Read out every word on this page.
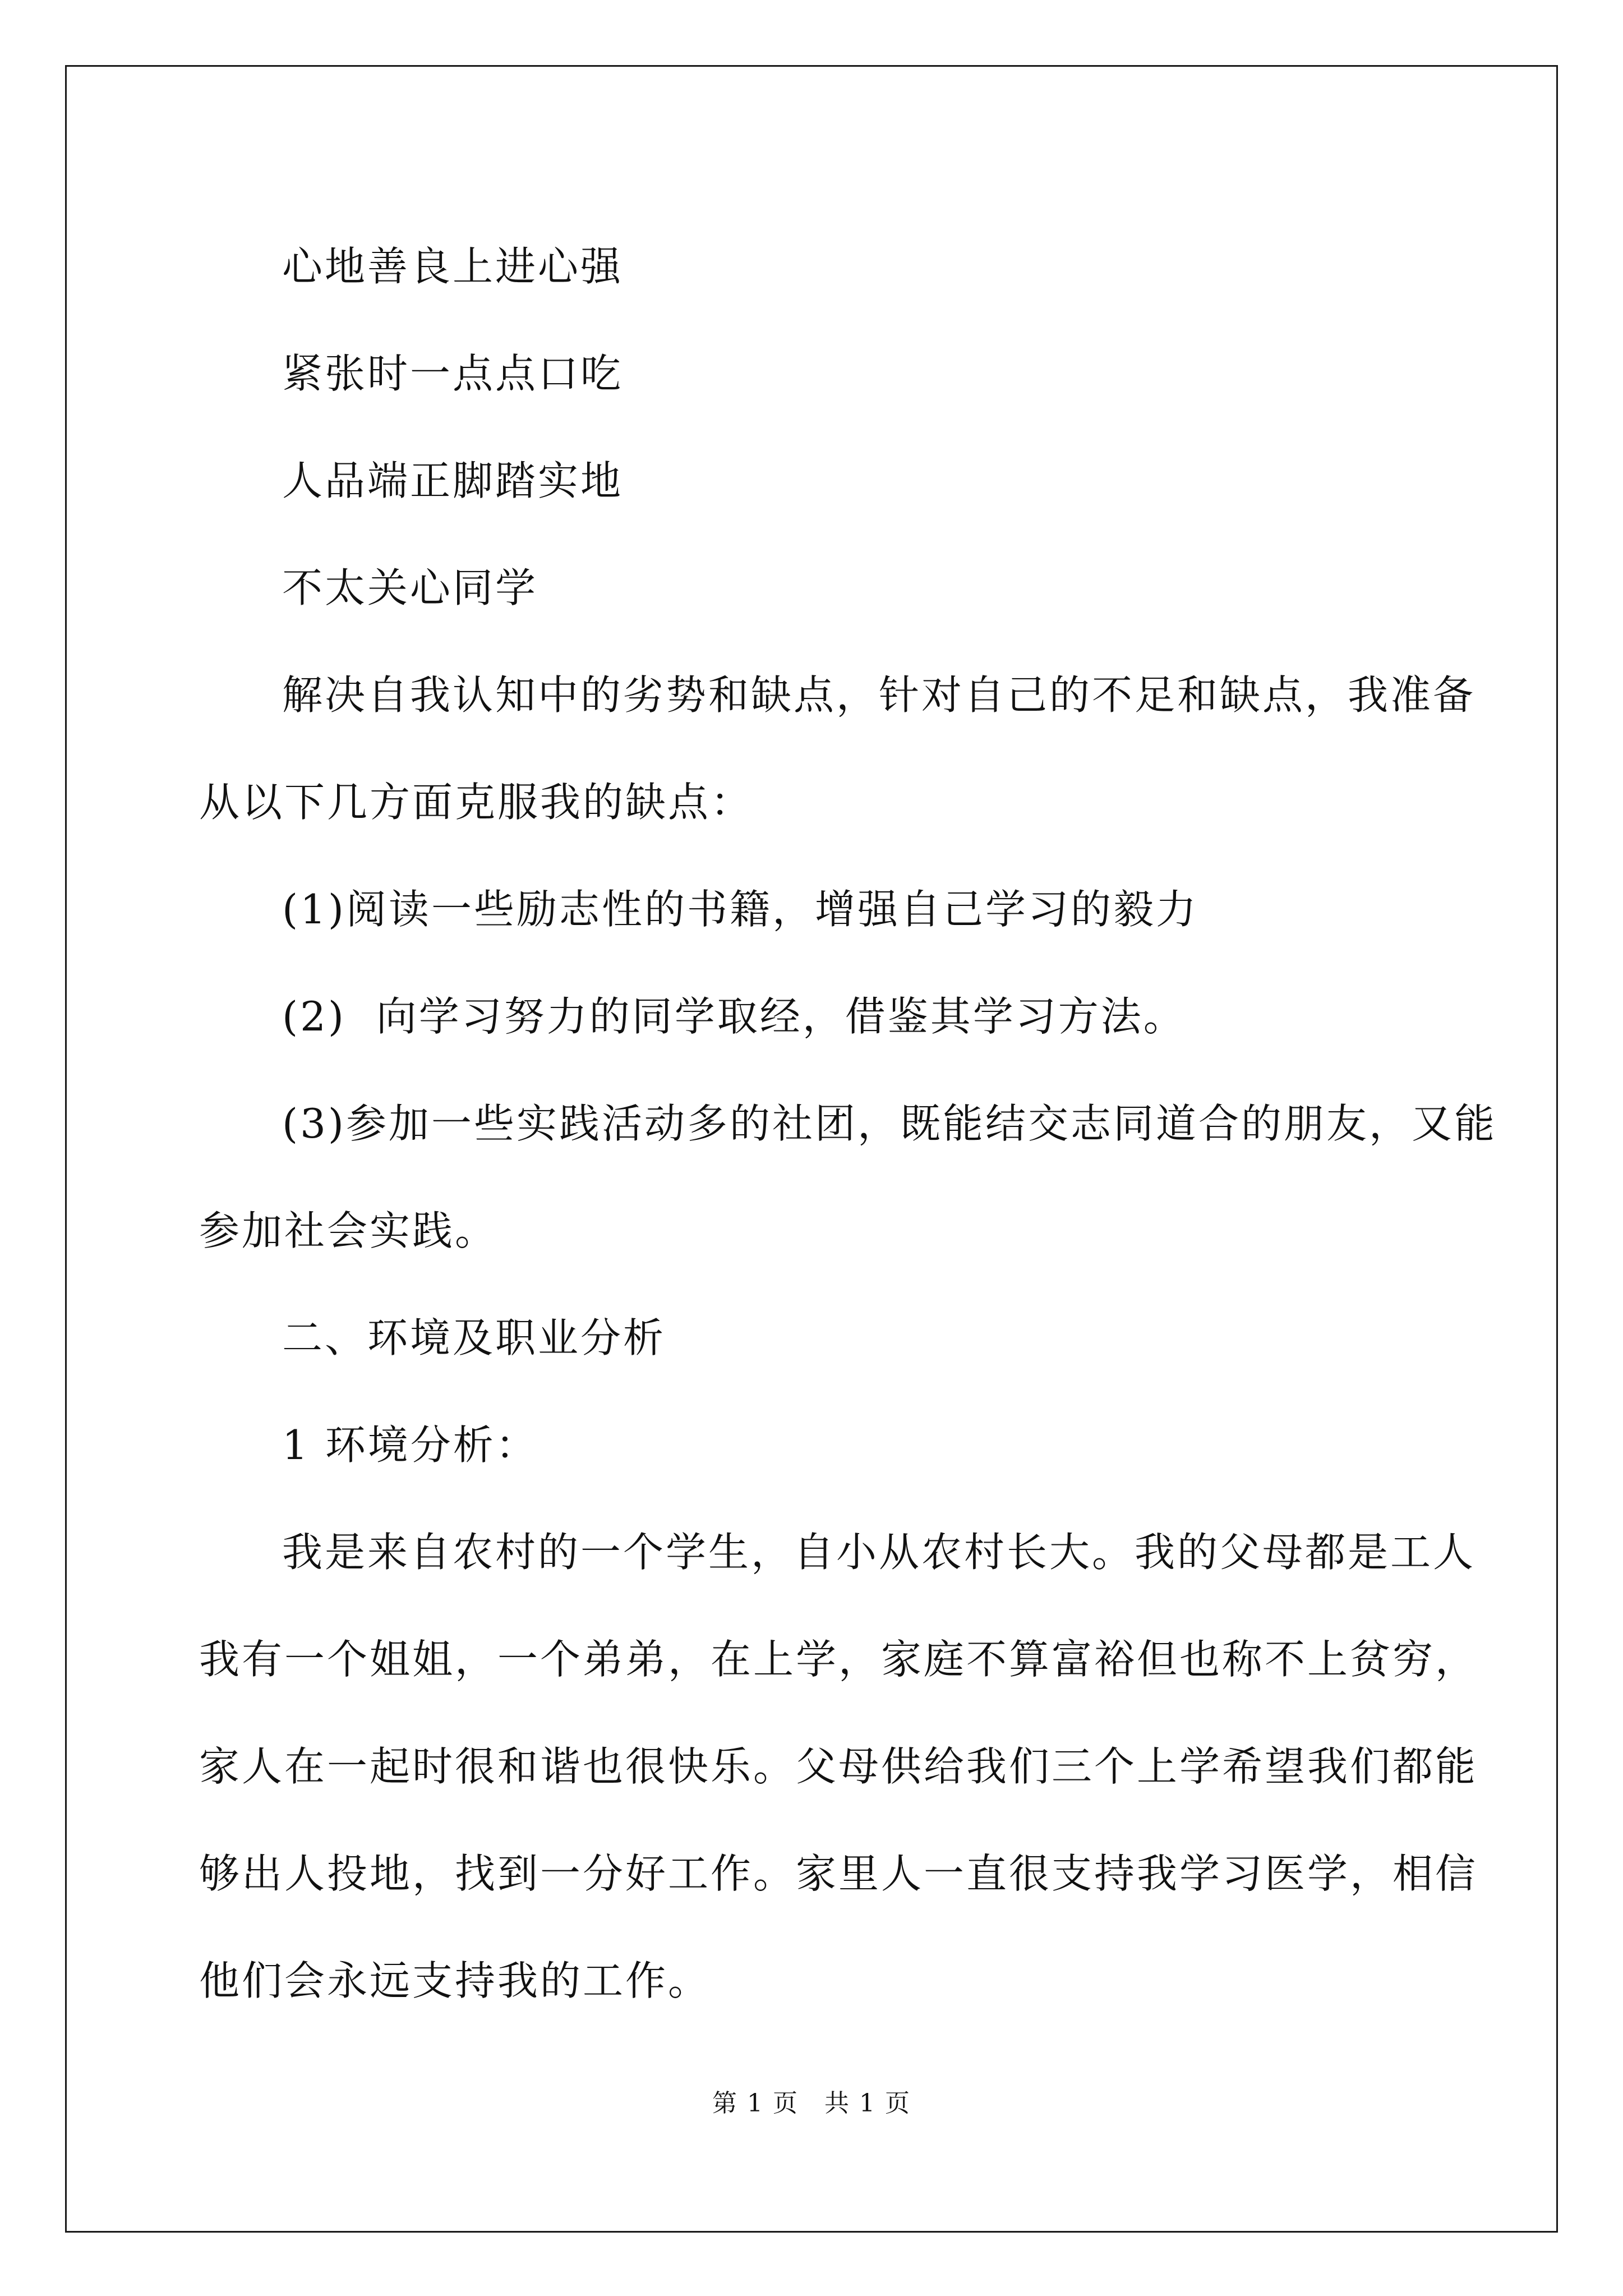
心地善良上进心强

紧张时一点点口吃

人品端正脚踏实地

不太关心同学

解决自我认知中的劣势和缺点，针对自己的不足和缺点，我准备

从以下几方面克服我的缺点：

(1)阅读一些励志性的书籍，增强自己学习的毅力

(2)  向学习努力的同学取经，借鉴其学习方法。

(3)参加一些实践活动多的社团，既能结交志同道合的朋友，又能

参加社会实践。

二、环境及职业分析

1 环境分析：

我是来自农村的一个学生，自小从农村长大。我的父母都是工人

我有一个姐姐，一个弟弟，在上学，家庭不算富裕但也称不上贫穷，

家人在一起时很和谐也很快乐。父母供给我们三个上学希望我们都能

够出人投地，找到一分好工作。家里人一直很支持我学习医学，相信

他们会永远支持我的工作。

第 1 页　共 1 页
